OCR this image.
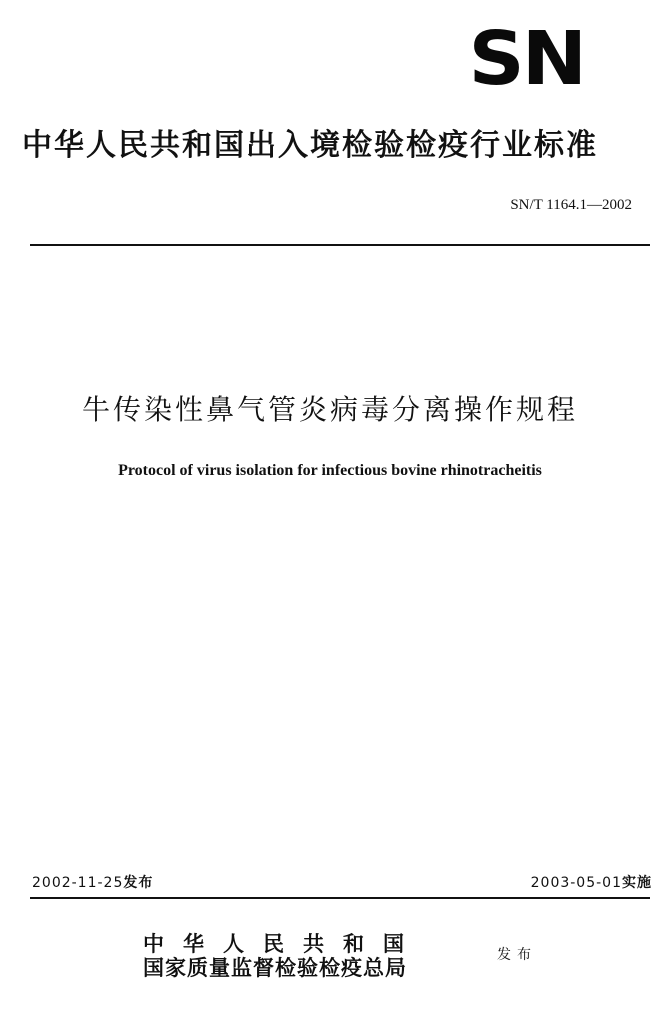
SN
中华人民共和国出入境检验检疫行业标准
SN/T 1164.1—2002
牛传染性鼻气管炎病毒分离操作规程
Protocol of virus isolation for infectious bovine rhinotracheitis
2002-11-25发布	2003-05-01实施
中华人民共和国
国家质量监督检验检疫总局	发布
